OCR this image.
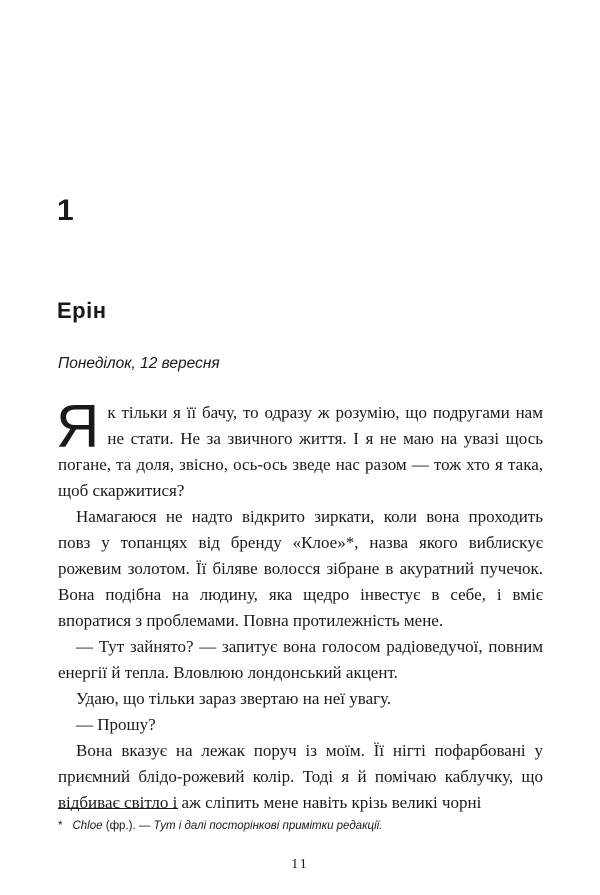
1
Ерін
Понеділок, 12 вересня

Як тільки я її бачу, то одразу ж розумію, що подругами нам не стати. Не за звичного життя. І я не маю на увазі щось погане, та доля, звісно, ось-ось зведе нас разом — тож хто я така, щоб скаржитися?

Намагаюся не надто відкрито зиркати, коли вона проходить повз у топанцях від бренду «Клое»*, назва якого виблискує рожевим золотом. Її біляве волосся зібране в акуратний пучечок. Вона подібна на людину, яка щедро інвестує в себе, і вміє впоратися з проблемами. Повна протилежність мене.

— Тут зайнято? — запитує вона голосом радіоведучої, повним енергії й тепла. Вловлюю лондонський акцент.

Удаю, що тільки зараз звертаю на неї увагу.

— Прошу?

Вона вказує на лежак поруч із моїм. Її нігті пофарбовані у приємний блідо-рожевий колір. Тоді я й помічаю каблучку, що відбиває світло і аж сліпить мене навіть крізь великі чорні

* Chloe (фр.). — Тут і далі посторінкові примітки редакції.
11
